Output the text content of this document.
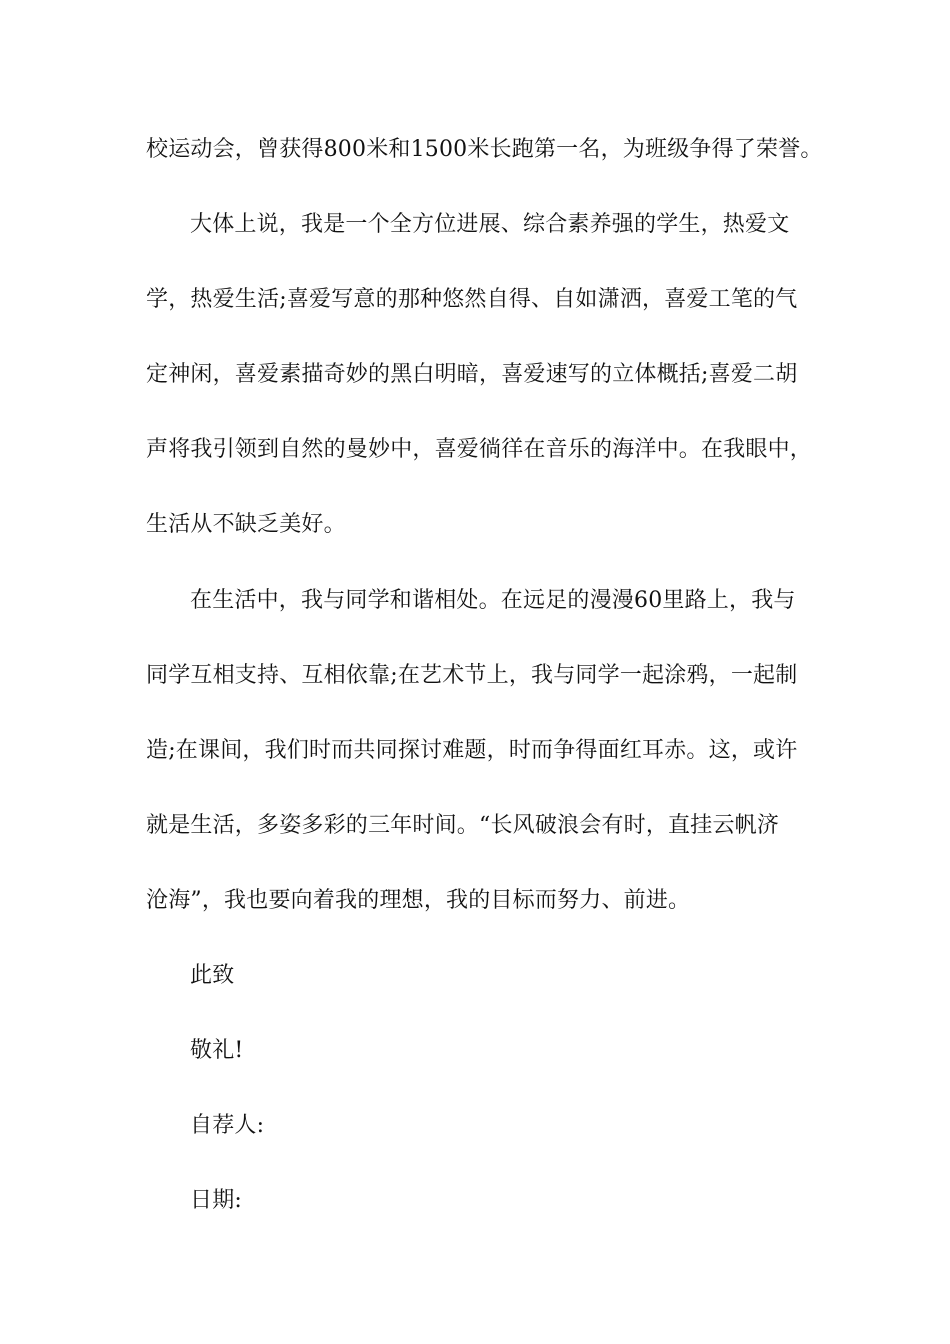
校运动会，曾获得800米和1500米长跑第一名，为班级争得了荣誉。
大体上说，我是一个全方位进展、综合素养强的学生，热爱文
学，热爱生活;喜爱写意的那种悠然自得、自如潇洒，喜爱工笔的气
定神闲，喜爱素描奇妙的黑白明暗，喜爱速写的立体概括;喜爱二胡
声将我引领到自然的曼妙中，喜爱徜徉在音乐的海洋中。在我眼中，
生活从不缺乏美好。
在生活中，我与同学和谐相处。在远足的漫漫60里路上，我与
同学互相支持、互相依靠;在艺术节上，我与同学一起涂鸦，一起制
造;在课间，我们时而共同探讨难题，时而争得面红耳赤。这，或许
就是生活，多姿多彩的三年时间。“长风破浪会有时，直挂云帆济
沧海”，我也要向着我的理想，我的目标而努力、前进。
此致
敬礼!
自荐人:
日期:
